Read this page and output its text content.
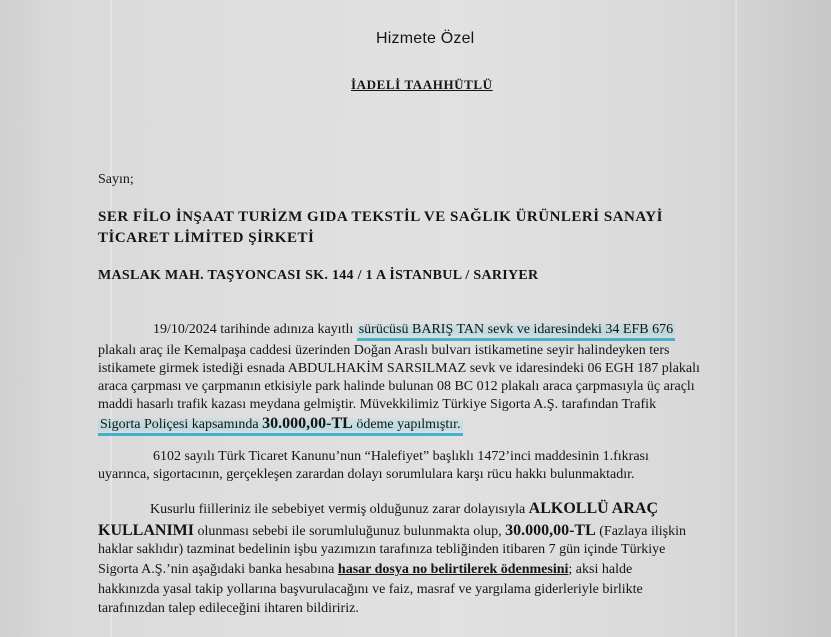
Hizmete Özel
İADELİ TAAHHÜTLÜ
Sayın;
SER FİLO İNŞAAT TURİZM GIDA TEKSTİL VE SAĞLIK ÜRÜNLERİ SANAYİ
TİCARET LİMİTED ŞİRKETİ
MASLAK MAH. TAŞYONCASI SK. 144 / 1 A İSTANBUL / SARIYER
19/10/2024 tarihinde adınıza kayıtlı sürücüsü BARIŞ TAN sevk ve idaresindeki 34 EFB 676
plakalı araç ile Kemalpaşa caddesi üzerinden Doğan Araslı bulvarı istikametine seyir halindeyken ters
istikamete girmek istediği esnada ABDULHAKİM SARSILMAZ sevk ve idaresindeki 06 EGH 187 plakalı
araca çarpması ve çarpmanın etkisiyle park halinde bulunan 08 BC 012 plakalı araca çarpmasıyla üç araçlı
maddi hasarlı trafik kazası meydana gelmiştir. Müvekkilimiz Türkiye Sigorta A.Ş. tarafından Trafik
Sigorta Poliçesi kapsamında 30.000,00-TL ödeme yapılmıştır.
6102 sayılı Türk Ticaret Kanunu’nun “Halefiyet” başlıklı 1472’inci maddesinin 1.fıkrası
uyarınca, sigortacının, gerçekleşen zarardan dolayı sorumlulara karşı rücu hakkı bulunmaktadır.
Kusurlu fiilleriniz ile sebebiyet vermiş olduğunuz zarar dolayısıyla ALKOLLÜ ARAÇ
KULLANIMI olunması sebebi ile sorumluluğunuz bulunmakta olup, 30.000,00-TL (Fazlaya ilişkin
haklar saklıdır) tazminat bedelinin işbu yazımızın tarafınıza tebliğinden itibaren 7 gün içinde Türkiye
Sigorta A.Ş.’nin aşağıdaki banka hesabına hasar dosya no belirtilerek ödenmesini; aksi halde
hakkınızda yasal takip yollarına başvurulacağını ve faiz, masraf ve yargılama giderleriyle birlikte
tarafınızdan talep edileceğini ihtaren bildiririz.
